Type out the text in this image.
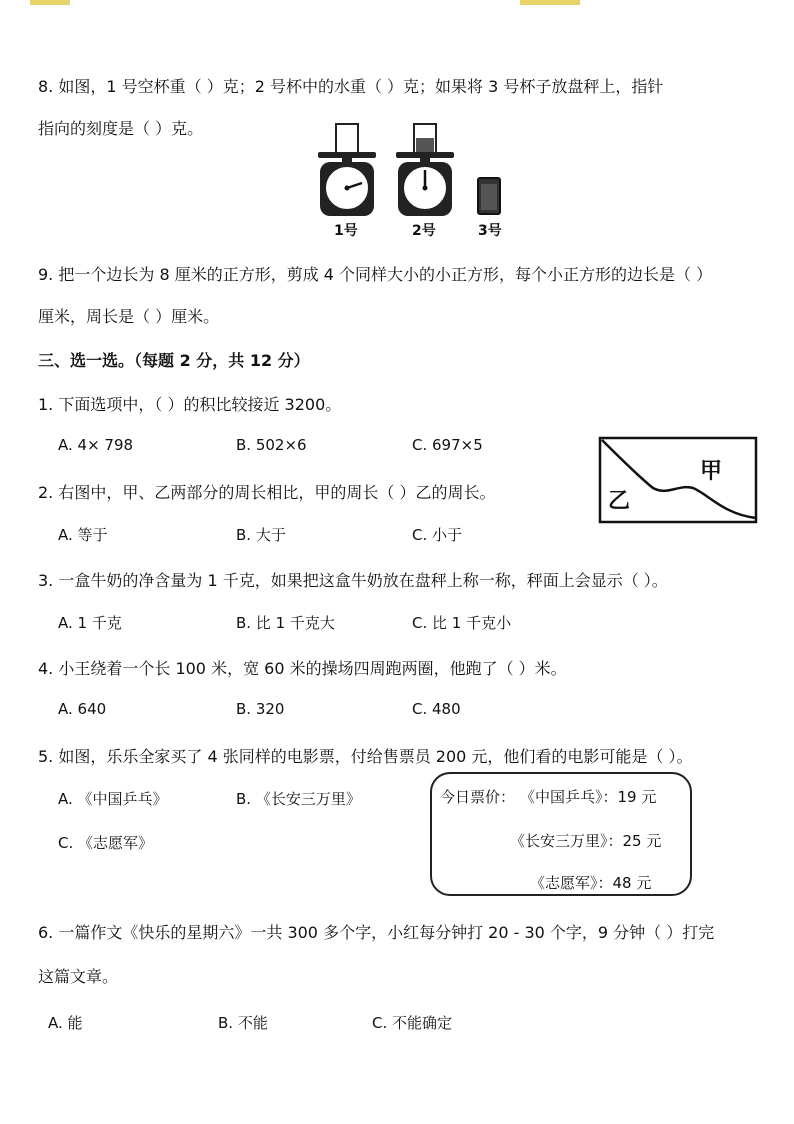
8. 如图，1 号空杯重（ ）克；2 号杯中的水重（ ）克；如果将 3 号杯子放盘秤上，指针
指向的刻度是（ ）克。
1号	2号	3号
9. 把一个边长为 8 厘米的正方形，剪成 4 个同样大小的小正方形，每个小正方形的边长是（ ）
厘米，周长是（ ）厘米。
三、选一选。（每题 2 分，共 12 分）
1. 下面选项中，（ ）的积比较接近 3200。
A. 4× 798	B. 502×6	C. 697×5
甲
乙
2. 右图中，甲、乙两部分的周长相比，甲的周长（ ）乙的周长。
A. 等于	B. 大于	C. 小于
3. 一盒牛奶的净含量为 1 千克，如果把这盒牛奶放在盘秤上称一称，秤面上会显示（ ）。
A. 1 千克	B. 比 1 千克大	C. 比 1 千克小
4. 小王绕着一个长 100 米，宽 60 米的操场四周跑两圈，他跑了（ ）米。
A. 640	B. 320	C. 480
5. 如图，乐乐全家买了 4 张同样的电影票，付给售票员 200 元，他们看的电影可能是（ ）。
A. 《中国乒乓》	B. 《长安三万里》
C. 《志愿军》
今日票价： 《中国乒乓》：19 元
《长安三万里》：25 元
《志愿军》：48 元
6. 一篇作文《快乐的星期六》一共 300 多个字，小红每分钟打 20 - 30 个字，9 分钟（ ）打完
这篇文章。
A. 能	B. 不能	C. 不能确定
